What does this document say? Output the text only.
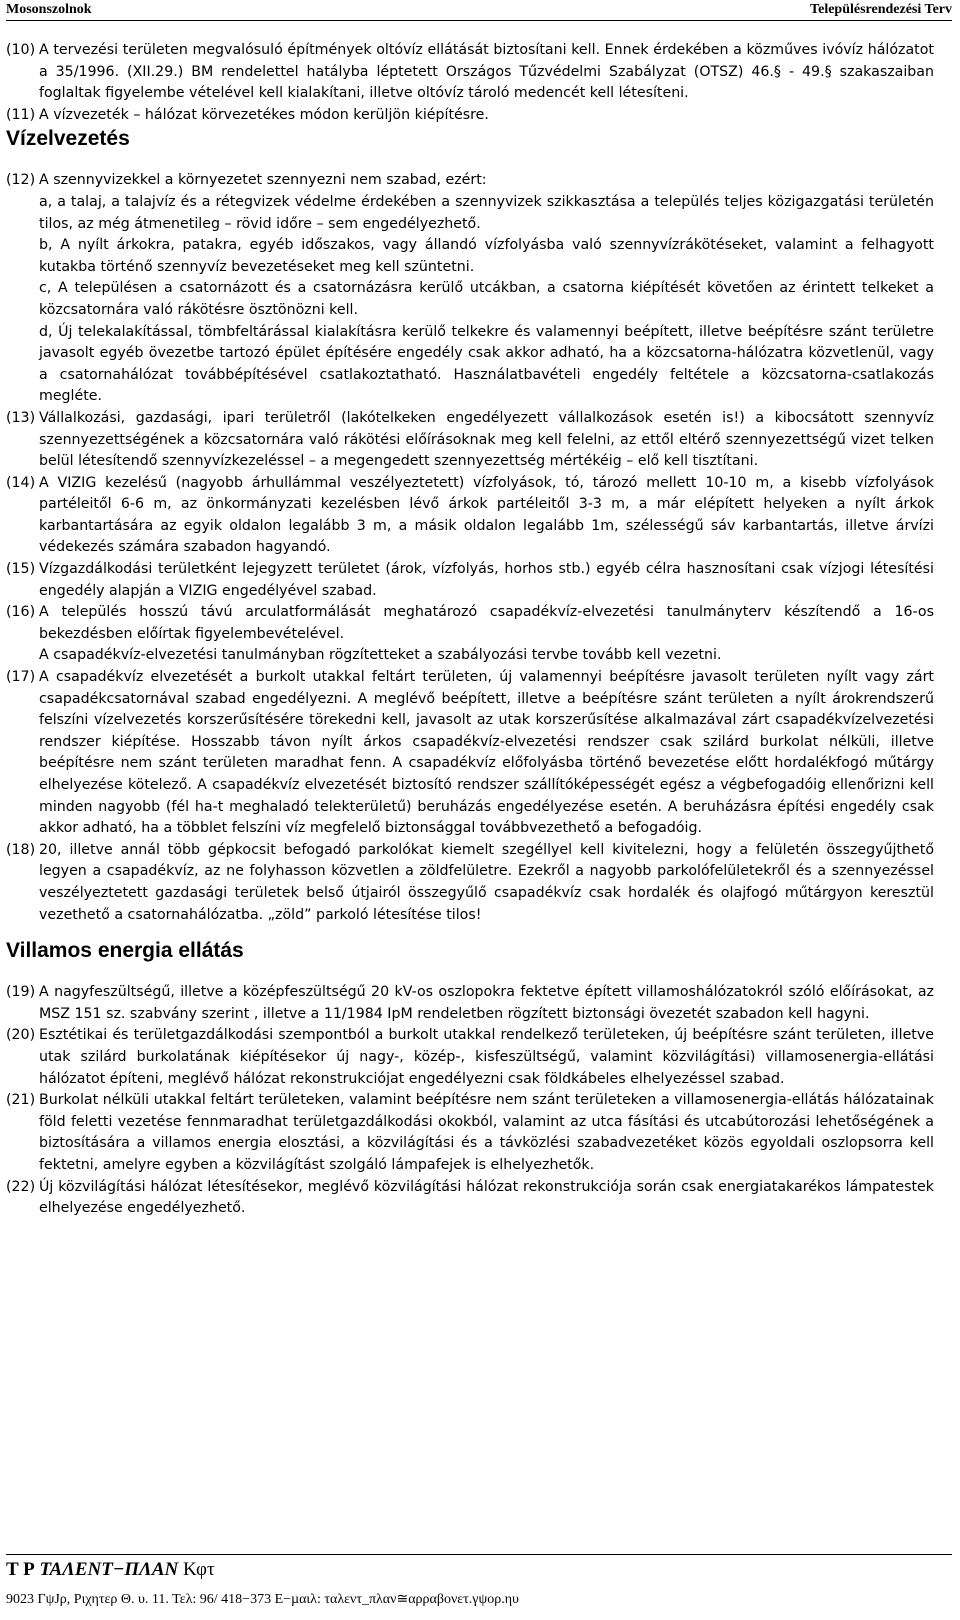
Mosonszolnok	Településrendezési Terv
(10) A tervezési területen megvalósuló építmények oltóvíz ellátását biztosítani kell. Ennek érdekében a közműves ivóvíz hálózatot a 35/1996. (XII.29.) BM rendelettel hatályba léptetett Országos Tűzvédelmi Szabályzat (OTSZ) 46.§ - 49.§ szakaszaiban foglaltak figyelembe vételével kell kialakítani, illetve oltóvíz tároló medencét kell létesíteni.

(11) A vízvezeték – hálózat körvezetékes módon kerüljön kiépítésre.

Vízelvezetés
(12) A szennyvizekkel a környezetet szennyezni nem szabad, ezért:

a, a talaj, a talajvíz és a rétegvizek védelme érdekében a szennyvizek szikkasztása a település teljes közigazgatási területén tilos, az még átmenetileg – rövid időre – sem engedélyezhető.

b, A nyílt árkokra, patakra, egyéb időszakos, vagy állandó vízfolyásba való szennyvízrákötéseket, valamint a felhagyott kutakba történő szennyvíz bevezetéseket meg kell szüntetni.

c, A településen a csatornázott és a csatornázásra kerülő utcákban, a csatorna kiépítését követően az érintett telkeket a közcsatornára való rákötésre ösztönözni kell.

d, Új telekalakítással, tömbfeltárással kialakításra kerülő telkekre és valamennyi beépített, illetve beépítésre szánt területre javasolt egyéb övezetbe tartozó épület építésére engedély csak akkor adható, ha a közcsatorna-hálózatra közvetlenül, vagy a csatornahálózat továbbépítésével csatlakoztatható. Használatbavételi engedély feltétele a közcsatorna-csatlakozás megléte.

(13) Vállalkozási, gazdasági, ipari területről (lakótelkeken engedélyezett vállalkozások esetén is!) a kibocsátott szennyvíz szennyezettségének a közcsatornára való rákötési előírásoknak meg kell felelni, az ettől eltérő szennyezettségű vizet telken belül létesítendő szennyvízkezeléssel – a megengedett szennyezettség mértékéig – elő kell tisztítani.

(14) A VIZIG kezelésű (nagyobb árhullámmal veszélyeztetett) vízfolyások, tó, tározó mellett 10-10 m, a kisebb vízfolyások partéleitől 6-6 m, az önkormányzati kezelésben lévő árkok partéleitől 3-3 m, a már elépített helyeken a nyílt árkok karbantartására az egyik oldalon legalább 3 m, a másik oldalon legalább 1m, szélességű sáv karbantartás, illetve árvízi védekezés számára szabadon hagyandó.

(15) Vízgazdálkodási területként lejegyzett területet (árok, vízfolyás, horhos stb.) egyéb célra hasznosítani csak vízjogi létesítési engedély alapján a VIZIG engedélyével szabad.

(16) A település hosszú távú arculatformálását meghatározó csapadékvíz-elvezetési tanulmányterv készítendő a 16-os bekezdésben előírtak figyelembevételével.

A csapadékvíz-elvezetési tanulmányban rögzítetteket a szabályozási tervbe tovább kell vezetni.

(17) A csapadékvíz elvezetését a burkolt utakkal feltárt területen, új valamennyi beépítésre javasolt területen nyílt vagy zárt csapadékcsatornával szabad engedélyezni. A meglévő beépített, illetve a beépítésre szánt területen a nyílt árokrendszerű felszíni vízelvezetés korszerűsítésére törekedni kell, javasolt az utak korszerűsítése alkalmazával zárt csapadékvízelvezetési rendszer kiépítése. Hosszabb távon nyílt árkos csapadékvíz-elvezetési rendszer csak szilárd burkolat nélküli, illetve beépítésre nem szánt területen maradhat fenn. A csapadékvíz előfolyásba történő bevezetése előtt hordalékfogó műtárgy elhelyezése kötelező. A csapadékvíz elvezetését biztosító rendszer szállítóképességét egész a végbefogadóig ellenőrizni kell minden nagyobb (fél ha-t meghaladó telekterületű) beruházás engedélyezése esetén. A beruházásra építési engedély csak akkor adható, ha a többlet felszíni víz megfelelő biztonsággal továbbvezethető a befogadóig.

(18) 20, illetve annál több gépkocsit befogadó parkolókat kiemelt szegéllyel kell kivitelezni, hogy a felületén összegyűjthető legyen a csapadékvíz, az ne folyhasson közvetlen a zöldfelületre. Ezekről a nagyobb parkolófelületekről és a szennyezéssel veszélyeztetett gazdasági területek belső útjairól összegyűlő csapadékvíz csak hordalék és olajfogó műtárgyon keresztül vezethető a csatornahálózatba. „zöld” parkoló létesítése tilos!

Villamos energia ellátás
(19) A nagyfeszültségű, illetve a középfeszültségű 20 kV-os oszlopokra fektetve épített villamoshálózatokról szóló előírásokat, az MSZ 151 sz. szabvány szerint , illetve a 11/1984 IpM rendeletben rögzített biztonsági övezetét szabadon kell hagyni.

(20) Esztétikai és területgazdálkodási szempontból a burkolt utakkal rendelkező területeken, új beépítésre szánt területen, illetve utak szilárd burkolatának kiépítésekor új nagy-, közép-, kisfeszültségű, valamint közvilágítási) villamosenergia-ellátási hálózatot építeni, meglévő hálózat rekonstrukciójat engedélyezni csak földkábeles elhelyezéssel szabad.

(21) Burkolat nélküli utakkal feltárt területeken, valamint beépítésre nem szánt területeken a villamosenergia-ellátás hálózatainak föld feletti vezetése fennmaradhat területgazdálkodási okokból, valamint az utca fásítási és utcabútorozási lehetőségének a biztosítására a villamos energia elosztási, a közvilágítási és a távközlési szabadvezetéket közös egyoldali oszlopsorra kell fektetni, amelyre egyben a közvilágítást szolgáló lámpafejek is elhelyezhetők.

(22) Új közvilágítási hálózat létesítésekor, meglévő közvilágítási hálózat rekonstrukciója során csak energiatakarékos lámpatestek elhelyezése engedélyezhető.

T P ΤΑΛΕΝΤ−ΠΛΑΝ Κφτ
9023 ΓψJρ, Ριχητερ Θ. υ. 11. Τελ: 96/ 418−373 Ε−µαιλ: ταλεντ_πλαν≅αρραβονετ.γψορ.ηυ
